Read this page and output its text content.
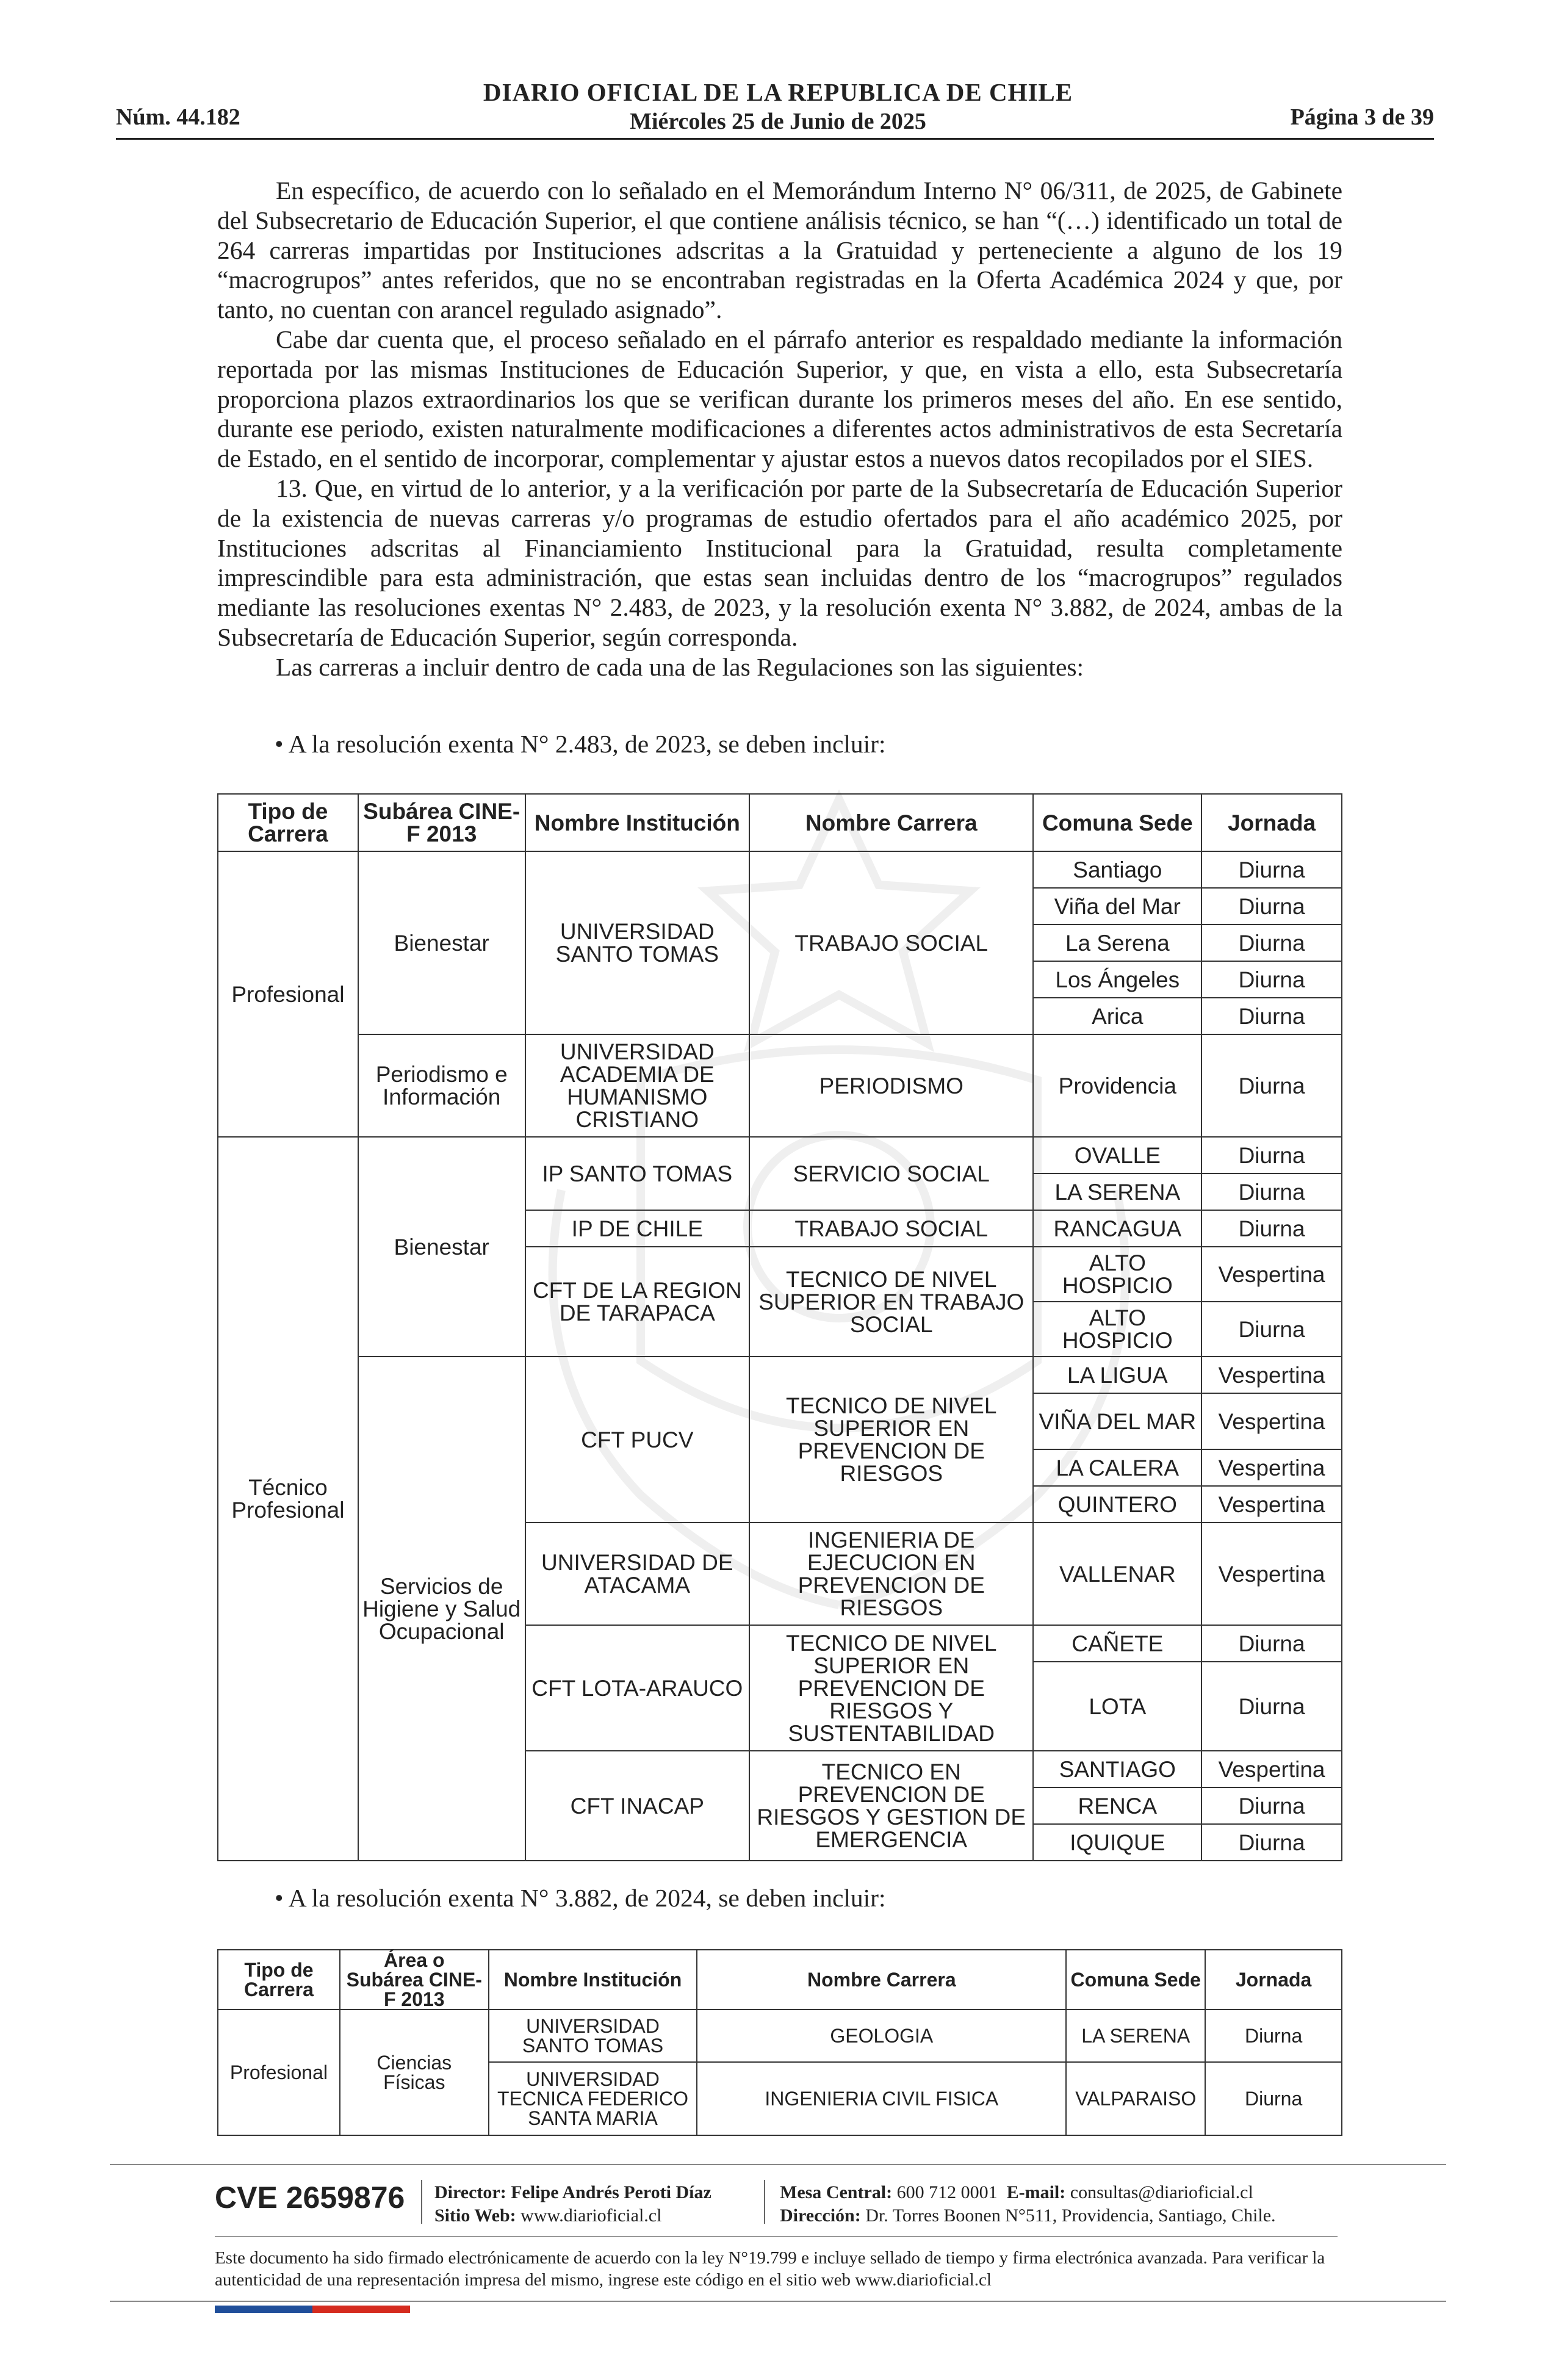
Núm. 44.182
DIARIO OFICIAL DE LA REPUBLICA DE CHILE
Miércoles 25 de Junio de 2025	Página 3 de 39

En específico, de acuerdo con lo señalado en el Memorándum Interno N° 06/311, de 2025, de Gabinete del Subsecretario de Educación Superior, el que contiene análisis técnico, se han “(…) identificado un total de 264 carreras impartidas por Instituciones adscritas a la Gratuidad y perteneciente a alguno de los 19 “macrogrupos” antes referidos, que no se encontraban registradas en la Oferta Académica 2024 y que, por tanto, no cuentan con arancel regulado asignado”.

Cabe dar cuenta que, el proceso señalado en el párrafo anterior es respaldado mediante la información reportada por las mismas Instituciones de Educación Superior, y que, en vista a ello, esta Subsecretaría proporciona plazos extraordinarios los que se verifican durante los primeros meses del año. En ese sentido, durante ese periodo, existen naturalmente modificaciones a diferentes actos administrativos de esta Secretaría de Estado, en el sentido de incorporar, complementar y ajustar estos a nuevos datos recopilados por el SIES.

13. Que, en virtud de lo anterior, y a la verificación por parte de la Subsecretaría de Educación Superior de la existencia de nuevas carreras y/o programas de estudio ofertados para el año académico 2025, por Instituciones adscritas al Financiamiento Institucional para la Gratuidad, resulta completamente imprescindible para esta administración, que estas sean incluidas dentro de los “macrogrupos” regulados mediante las resoluciones exentas N° 2.483, de 2023, y la resolución exenta N° 3.882, de 2024, ambas de la Subsecretaría de Educación Superior, según corresponda.

Las carreras a incluir dentro de cada una de las Regulaciones son las siguientes:

• A la resolución exenta N° 2.483, de 2023, se deben incluir:
Tipo de Carrera	Subárea CINE-F 2013	Nombre Institución	Nombre Carrera	Comuna Sede	Jornada
Profesional	Bienestar	UNIVERSIDAD SANTO TOMAS	TRABAJO SOCIAL	Santiago	Diurna
				Viña del Mar	Diurna
				La Serena	Diurna
				Los Ángeles	Diurna
				Arica	Diurna
	Periodismo e Información	UNIVERSIDAD ACADEMIA DE HUMANISMO CRISTIANO	PERIODISMO	Providencia	Diurna
Técnico Profesional	Bienestar	IP SANTO TOMAS	SERVICIO SOCIAL	OVALLE	Diurna
				LA SERENA	Diurna
		IP DE CHILE	TRABAJO SOCIAL	RANCAGUA	Diurna
		CFT DE LA REGION DE TARAPACA	TECNICO DE NIVEL SUPERIOR EN TRABAJO SOCIAL	ALTO HOSPICIO	Vespertina
				ALTO HOSPICIO	Diurna
	Servicios de Higiene y Salud Ocupacional	CFT PUCV	TECNICO DE NIVEL SUPERIOR EN PREVENCION DE RIESGOS	LA LIGUA	Vespertina
				VIÑA DEL MAR	Vespertina
				LA CALERA	Vespertina
				QUINTERO	Vespertina
		UNIVERSIDAD DE ATACAMA	INGENIERIA DE EJECUCION EN PREVENCION DE RIESGOS	VALLENAR	Vespertina
		CFT LOTA-ARAUCO	TECNICO DE NIVEL SUPERIOR EN PREVENCION DE RIESGOS Y SUSTENTABILIDAD	CAÑETE	Diurna
				LOTA	Diurna
		CFT INACAP	TECNICO EN PREVENCION DE RIESGOS Y GESTION DE EMERGENCIA	SANTIAGO	Vespertina
				RENCA	Diurna
				IQUIQUE	Diurna
• A la resolución exenta N° 3.882, de 2024, se deben incluir:
Tipo de Carrera	Área o Subárea CINE-F 2013	Nombre Institución	Nombre Carrera	Comuna Sede	Jornada
Profesional	Ciencias Físicas	UNIVERSIDAD SANTO TOMAS	GEOLOGIA	LA SERENA	Diurna
		UNIVERSIDAD TECNICA FEDERICO SANTA MARIA	INGENIERIA CIVIL FISICA	VALPARAISO	Diurna
CVE 2659876 Director: Felipe Andrés Peroti Díaz
Sitio Web: www.diarioficial.cl
Mesa Central: 600 712 0001 E-mail: consultas@diarioficial.cl
Dirección: Dr. Torres Boonen N°511, Providencia, Santiago, Chile.
Este documento ha sido firmado electrónicamente de acuerdo con la ley N°19.799 e incluye sellado de tiempo y firma electrónica avanzada. Para verificar la autenticidad de una representación impresa del mismo, ingrese este código en el sitio web www.diarioficial.cl
